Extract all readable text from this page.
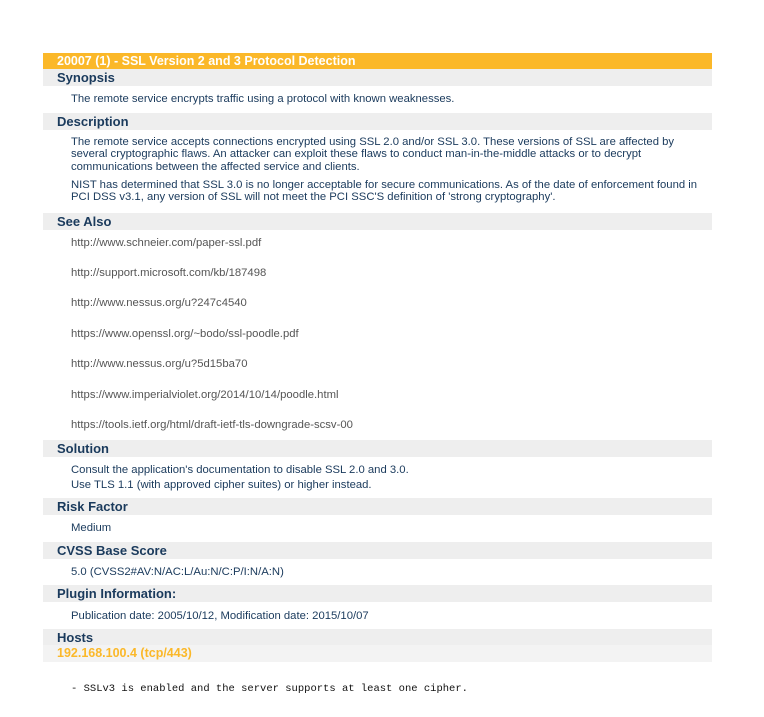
20007 (1) - SSL Version 2 and 3 Protocol Detection
Synopsis

The remote service encrypts traffic using a protocol with known weaknesses.

Description

The remote service accepts connections encrypted using SSL 2.0 and/or SSL 3.0. These versions of SSL are affected by several cryptographic flaws. An attacker can exploit these flaws to conduct man-in-the-middle attacks or to decrypt communications between the affected service and clients.

NIST has determined that SSL 3.0 is no longer acceptable for secure communications. As of the date of enforcement found in PCI DSS v3.1, any version of SSL will not meet the PCI SSC'S definition of 'strong cryptography'.

See Also
http://www.schneier.com/paper-ssl.pdf
http://support.microsoft.com/kb/187498
http://www.nessus.org/u?247c4540
https://www.openssl.org/~bodo/ssl-poodle.pdf
http://www.nessus.org/u?5d15ba70
https://www.imperialviolet.org/2014/10/14/poodle.html
https://tools.ietf.org/html/draft-ietf-tls-downgrade-scsv-00
Solution

Consult the application's documentation to disable SSL 2.0 and 3.0.

Use TLS 1.1 (with approved cipher suites) or higher instead.

Risk Factor

Medium

CVSS Base Score

5.0 (CVSS2#AV:N/AC:L/Au:N/C:P/I:N/A:N)

Plugin Information:

Publication date: 2005/10/12, Modification date: 2015/10/07

Hosts
192.168.100.4 (tcp/443)
- SSLv3 is enabled and the server supports at least one cipher.
